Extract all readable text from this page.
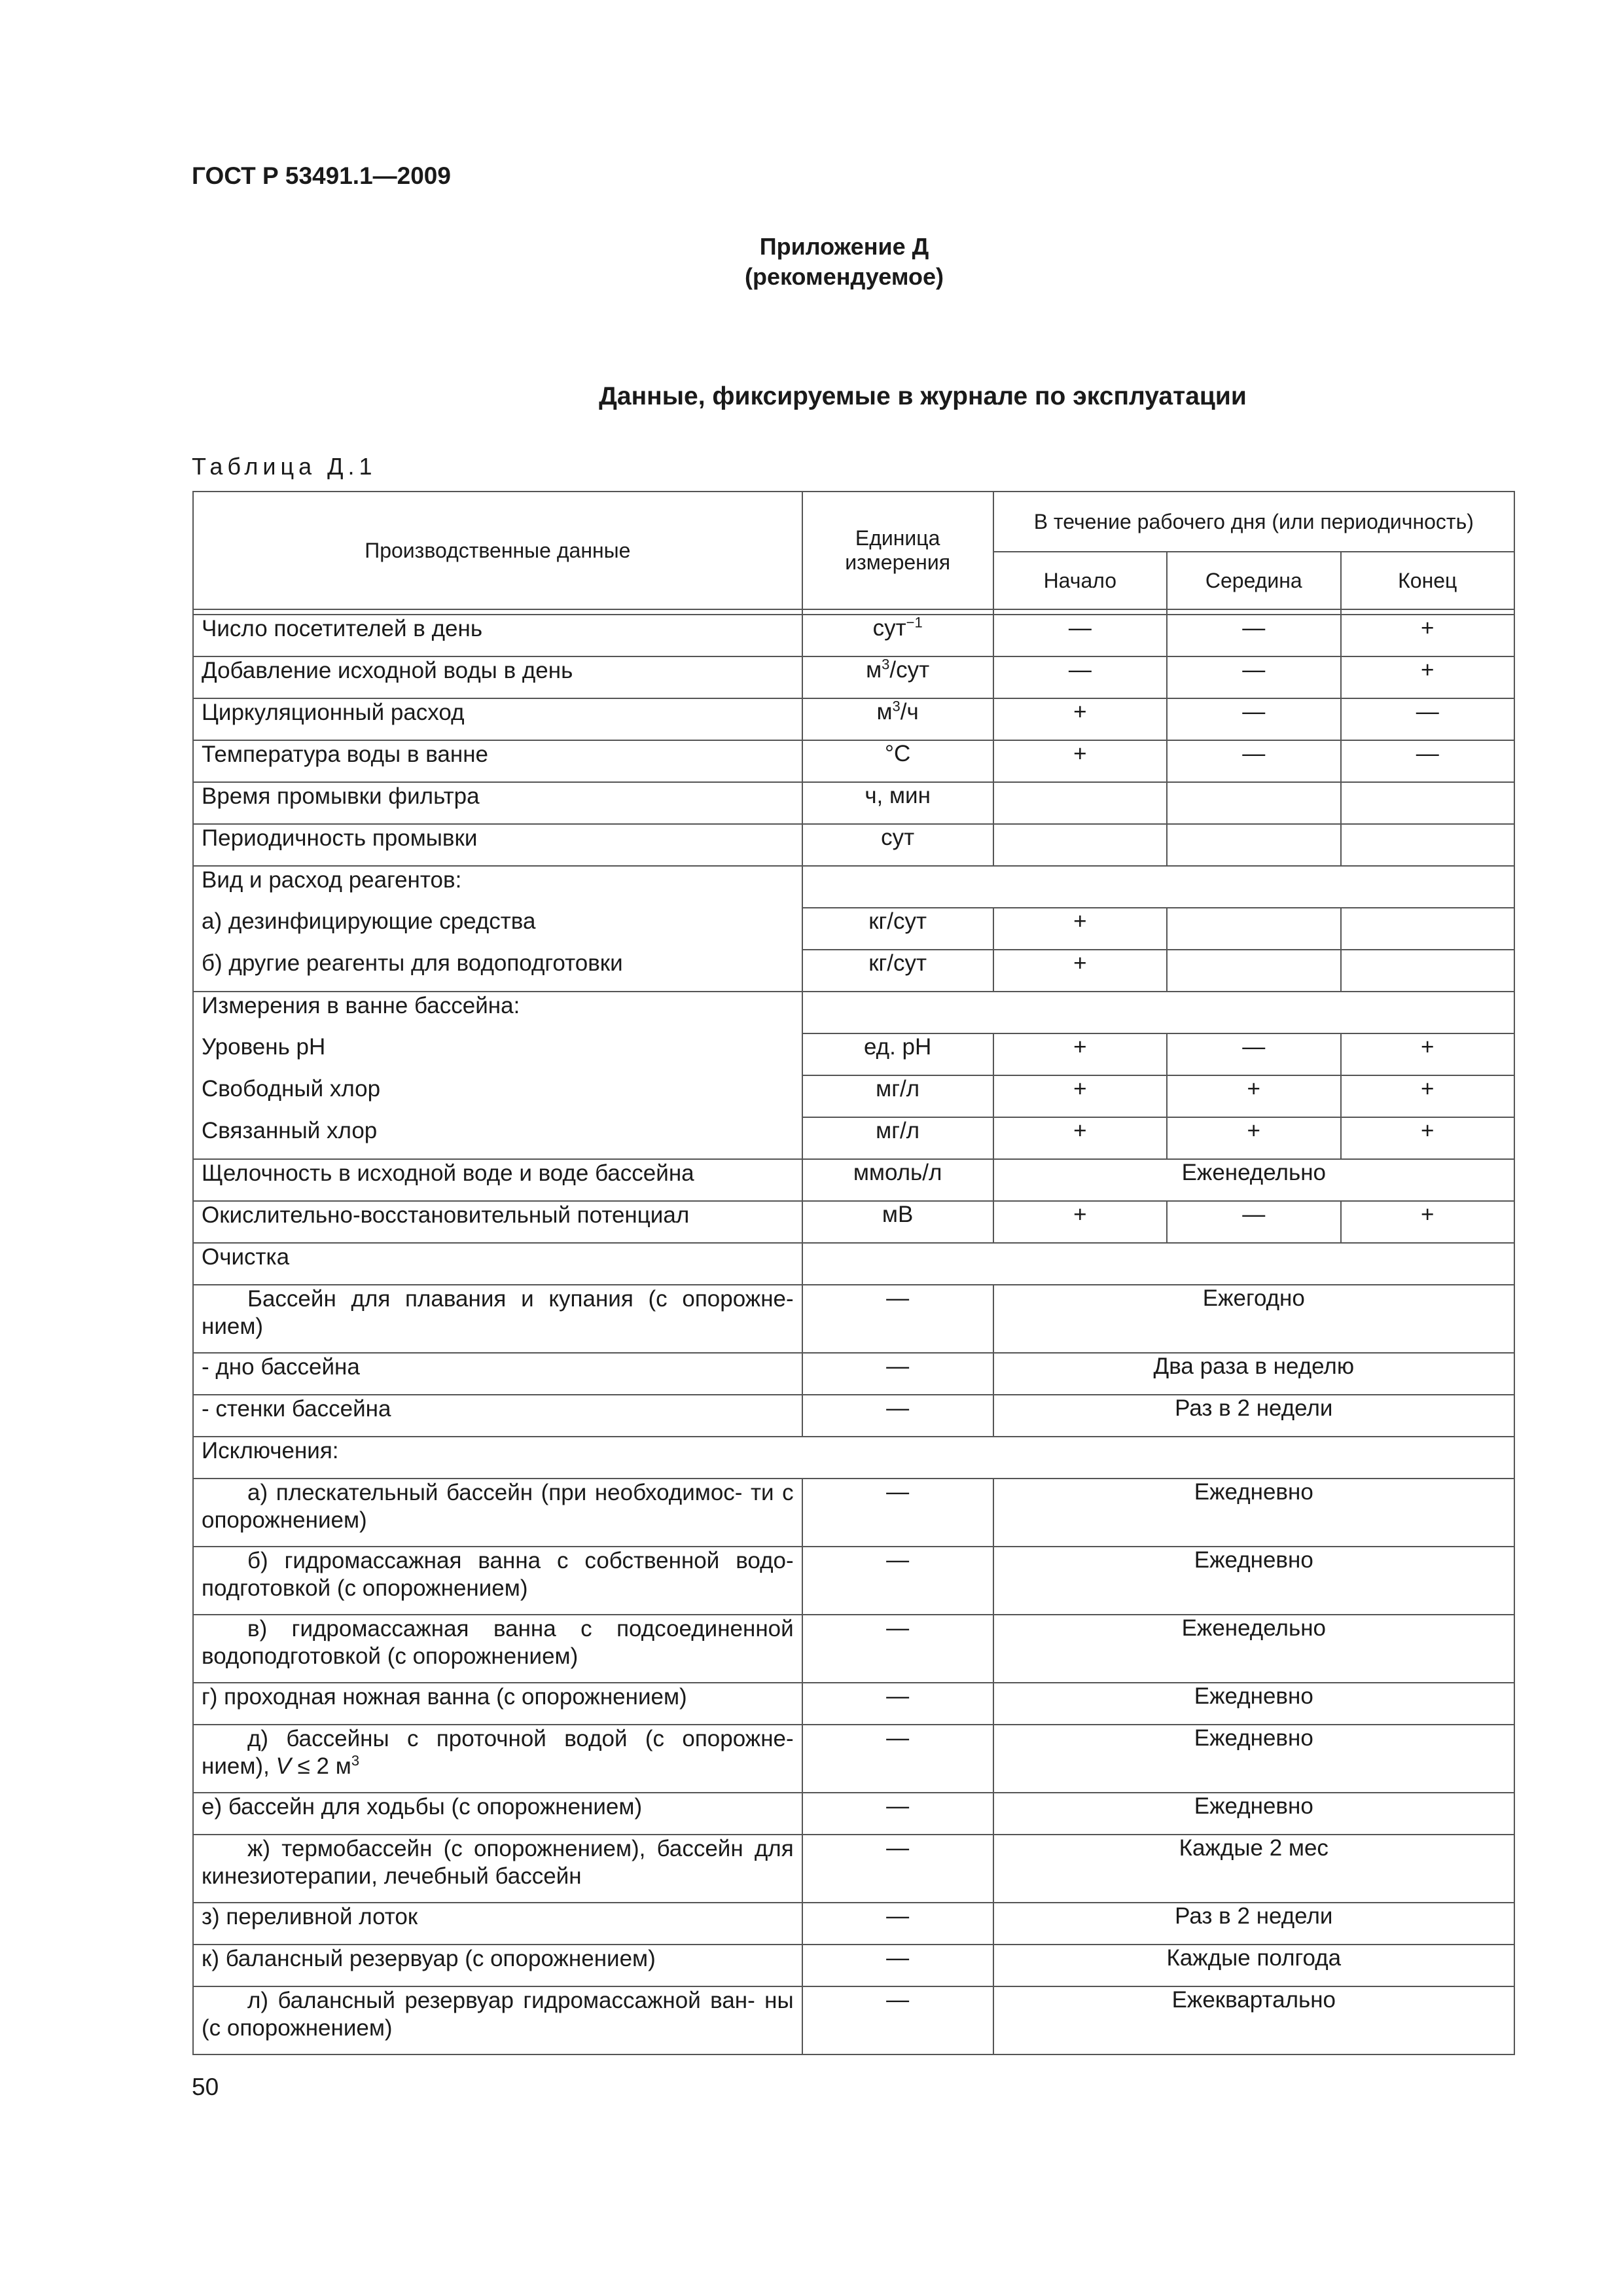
ГОСТ Р 53491.1—2009
Приложение Д
(рекомендуемое)
Данные, фиксируемые в журнале по эксплуатации
Таблица Д.1
Производственные данные	Единица измерения	В течение рабочего дня (или периодичность)		
		Начало	Середина	Конец

Число посетителей в день	сут$^{-1}$	—	—	+
Добавление исходной воды в день	$м^3$/сут	—	—	+
Циркуляционный расход	$м^3/ч$	+	—	—
Температура воды в ванне	°С	+	—	—
Время промывки фильтра	ч, мин			
Периодичность промывки	сут			
Вид и расход реагентов:				
а) дезинфицирующие средства	кг/сут	+		
б) другие реагенты для водоподготовки	кг/сут	+		
Измерения в ванне бассейна:				
Уровень рН	ед. рН	+	—	+
Свободный хлор	мг/л	+	+	+
Связанный хлор	мг/л	+	+	+
Щелочность в исходной воде и воде бассейна	ммоль/л	Еженедельно		
Окислительно-восстановительный потенциал	мВ	+	—	+
Очистка				
Бассейн для плавания и купания (с опорожне- нием)	—	Ежегодно		
- дно бассейна	—	Два раза в неделю		
- стенки бассейна	—	Раз в 2 недели		
Исключения:				
а) плескательный бассейн (при необходимос- ти с опорожнением)	—	Ежедневно		
б) гидромассажная ванна с собственной водо- подготовкой (с опорожнением)	—	Ежедневно		
в) гидромассажная ванна с подсоединенной водоподготовкой (с опорожнением)	—	Еженедельно		
г) проходная ножная ванна (с опорожнением)	—	Ежедневно		
д) бассейны с проточной водой (с опорожне- нием), V ≤ 2 $м^3$	—	Ежедневно		
е) бассейн для ходьбы (с опорожнением)	—	Ежедневно		
ж) термобассейн (с опорожнением), бассейн для кинезиотерапии, лечебный бассейн	—	Каждые 2 мес		
з) переливной лоток	—	Раз в 2 недели		
к) балансный резервуар (с опорожнением)	—	Каждые полгода		
л) балансный резервуар гидромассажной ван- ны (с опорожнением)	—	Ежеквартально		
50
